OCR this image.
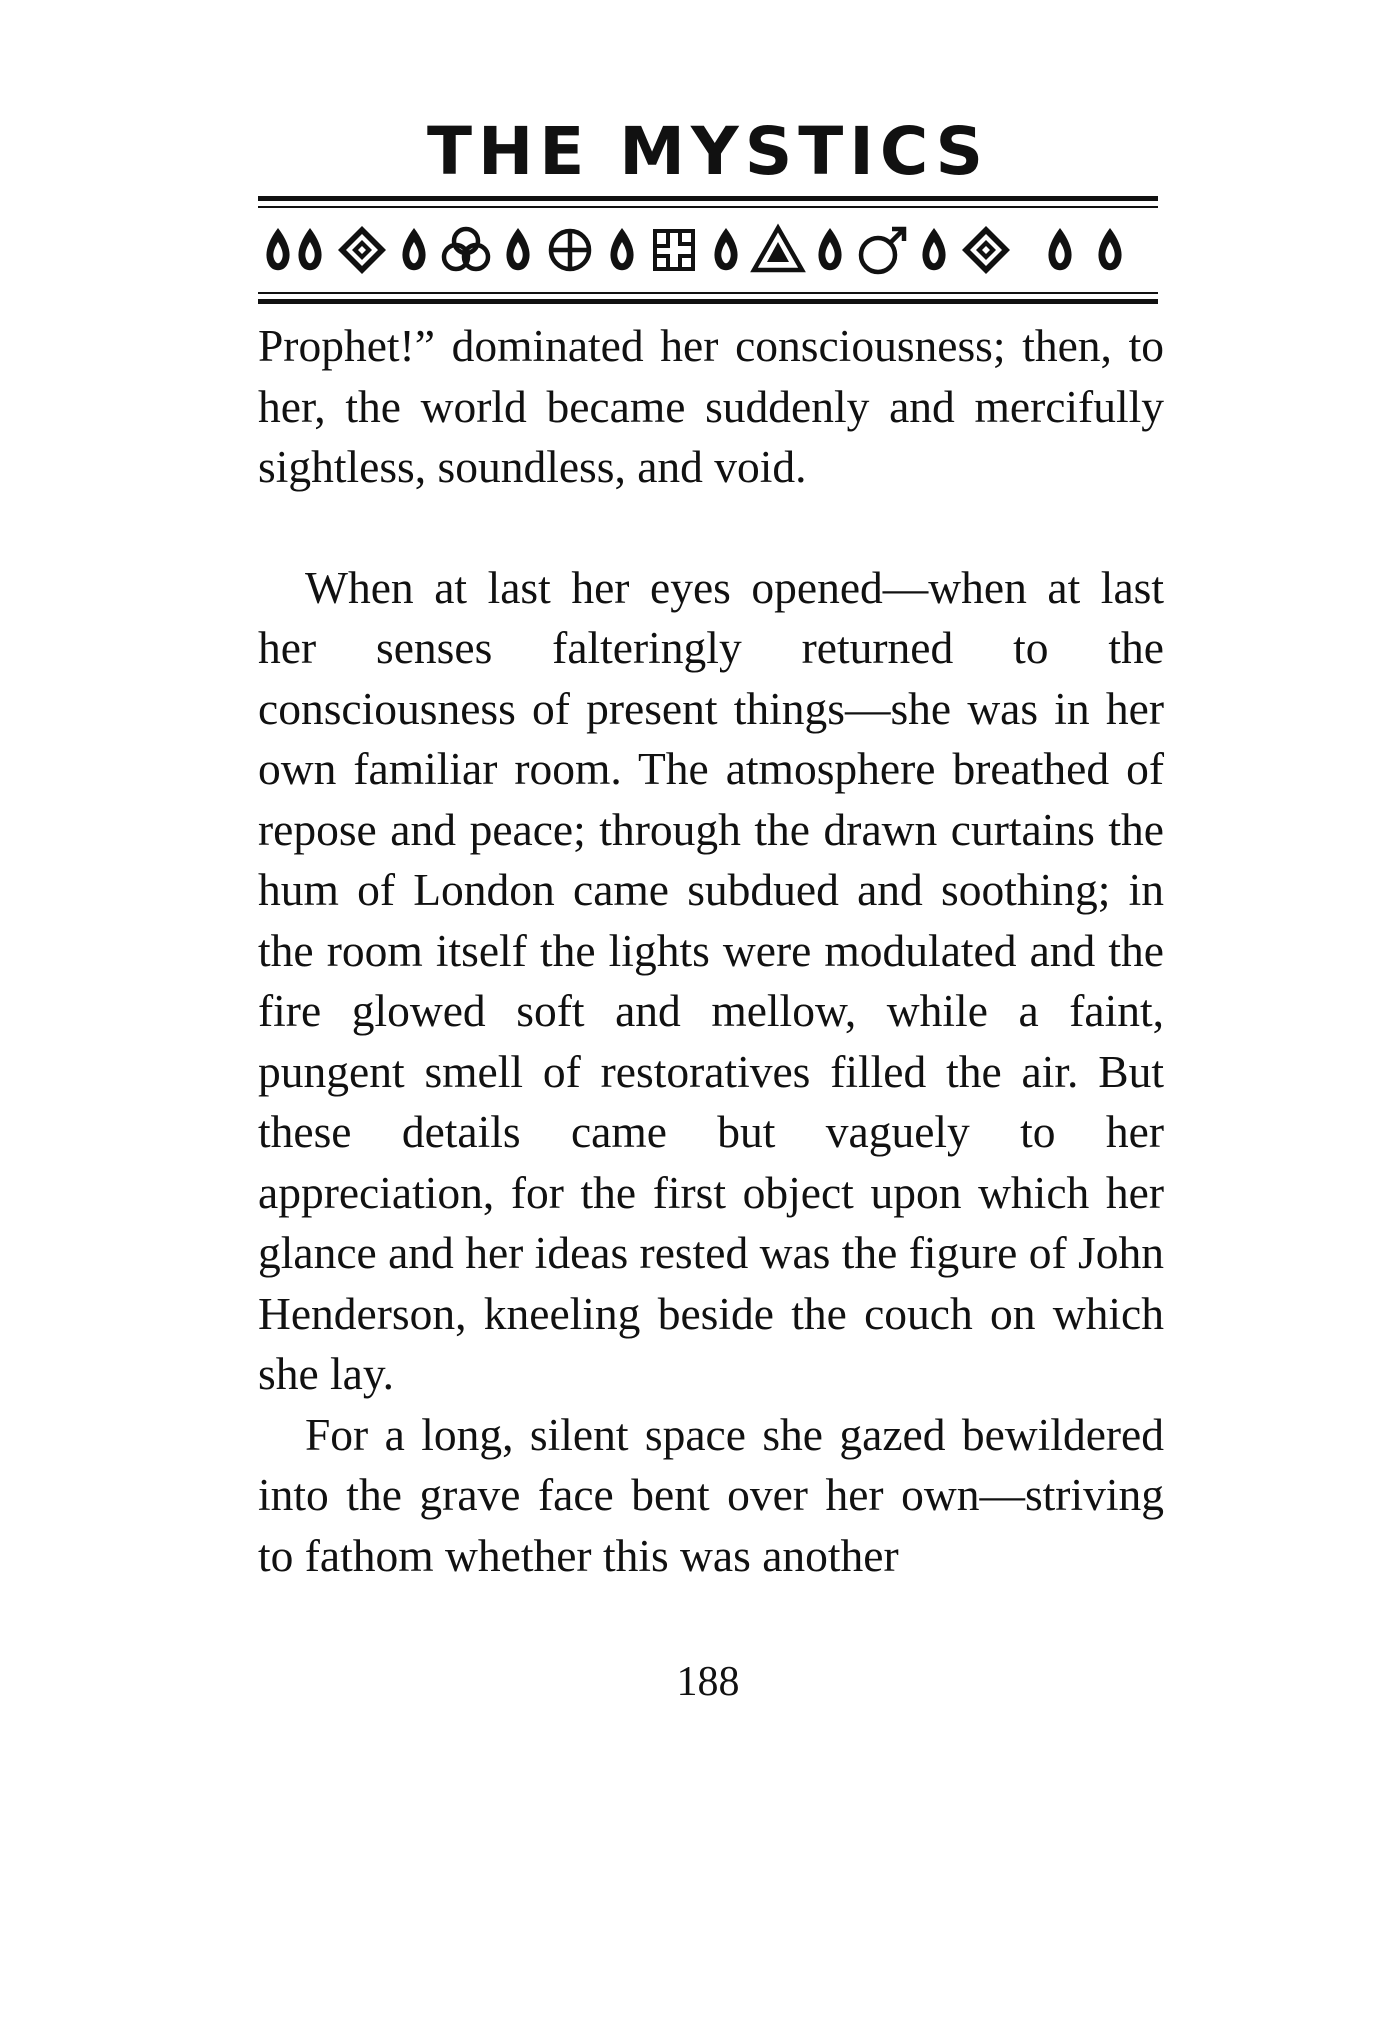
THE MYSTICS

Prophet!” dominated her consciousness; then, to her, the world became suddenly and mercifully sightless, soundless, and void.

When at last her eyes opened—when at last her senses falteringly returned to the consciousness of present things—she was in her own familiar room. The atmosphere breathed of repose and peace; through the drawn curtains the hum of London came subdued and soothing; in the room itself the lights were modulated and the fire glowed soft and mellow, while a faint, pungent smell of restoratives filled the air. But these details came but vaguely to her appreciation, for the first object upon which her glance and her ideas rested was the figure of John Henderson, kneeling beside the couch on which she lay.

For a long, silent space she gazed bewildered into the grave face bent over her own—striving to fathom whether this was another

188
